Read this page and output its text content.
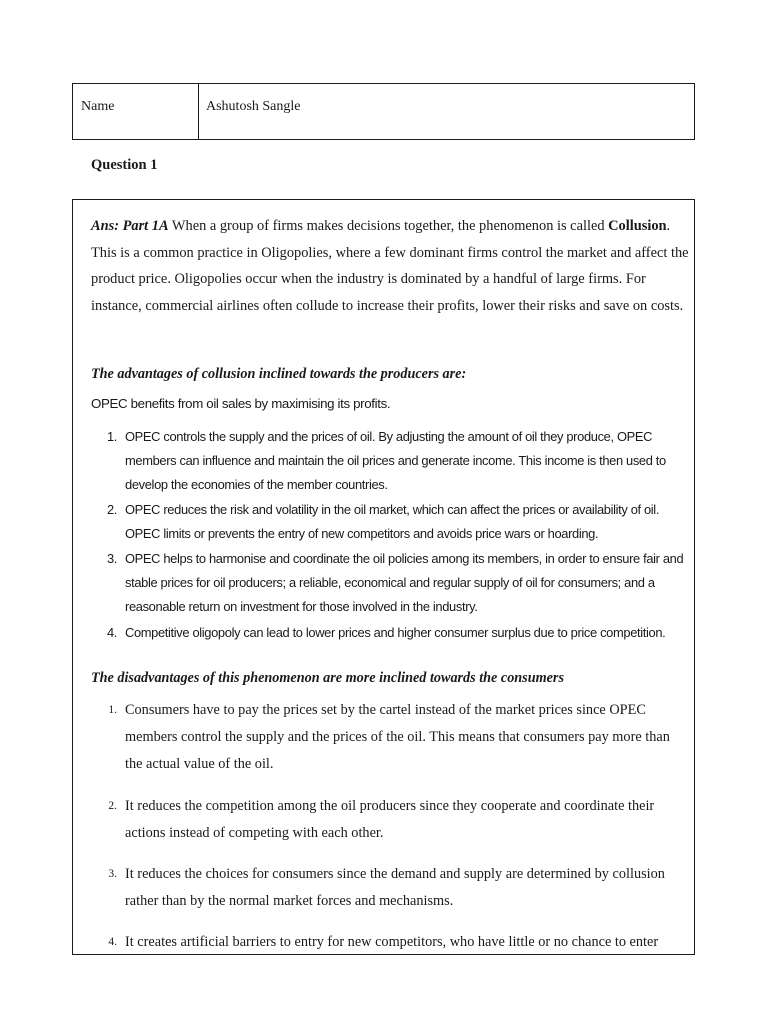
Name	Ashutosh Sangle
Question 1

Ans: Part 1A When a group of firms makes decisions together, the phenomenon is called Collusion. This is a common practice in Oligopolies, where a few dominant firms control the market and affect the product price. Oligopolies occur when the industry is dominated by a handful of large firms. For instance, commercial airlines often collude to increase their profits, lower their risks and save on costs.

The advantages of collusion inclined towards the producers are:

OPEC benefits from oil sales by maximising its profits.

1. OPEC controls the supply and the prices of oil. By adjusting the amount of oil they produce, OPEC members can influence and maintain the oil prices and generate income. This income is then used to develop the economies of the member countries.
2. OPEC reduces the risk and volatility in the oil market, which can affect the prices or availability of oil. OPEC limits or prevents the entry of new competitors and avoids price wars or hoarding.
3. OPEC helps to harmonise and coordinate the oil policies among its members, in order to ensure fair and stable prices for oil producers; a reliable, economical and regular supply of oil for consumers; and a reasonable return on investment for those involved in the industry.
4. Competitive oligopoly can lead to lower prices and higher consumer surplus due to price competition.

The disadvantages of this phenomenon are more inclined towards the consumers

1. Consumers have to pay the prices set by the cartel instead of the market prices since OPEC members control the supply and the prices of the oil. This means that consumers pay more than the actual value of the oil.
2. It reduces the competition among the oil producers since they cooperate and coordinate their actions instead of competing with each other.
3. It reduces the choices for consumers since the demand and supply are determined by collusion rather than by the normal market forces and mechanisms.
4. It creates artificial barriers to entry for new competitors, who have little or no chance to enter
